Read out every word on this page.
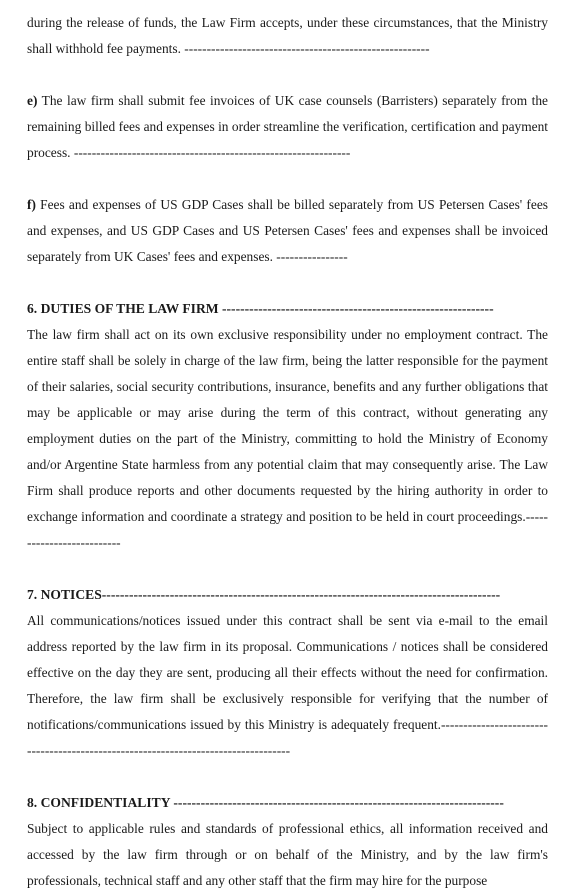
during the release of funds, the Law Firm accepts, under these circumstances, that the Ministry shall withhold fee payments. -------------------------------------------------------

e) The law firm shall submit fee invoices of UK case counsels (Barristers) separately from the remaining billed fees and expenses in order streamline the verification, certification and payment process. --------------------------------------------------------------

f) Fees and expenses of US GDP Cases shall be billed separately from US Petersen Cases' fees and expenses, and US GDP Cases and US Petersen Cases' fees and expenses shall be invoiced separately from UK Cases' fees and expenses. ----------------

6. DUTIES OF THE LAW FIRM ------------------------------------------------------------

The law firm shall act on its own exclusive responsibility under no employment contract. The entire staff shall be solely in charge of the law firm, being the latter responsible for the payment of their salaries, social security contributions, insurance, benefits and any further obligations that may be applicable or may arise during the term of this contract, without generating any employment duties on the part of the Ministry, committing to hold the Ministry of Economy and/or Argentine State harmless from any potential claim that may consequently arise. The Law Firm shall produce reports and other documents requested by the hiring authority in order to exchange information and coordinate a strategy and position to be held in court proceedings.--------------------------

7. NOTICES----------------------------------------------------------------------------------------

All communications/notices issued under this contract shall be sent via e-mail to the email address reported by the law firm in its proposal. Communications / notices shall be considered effective on the day they are sent, producing all their effects without the need for confirmation. Therefore, the law firm shall be exclusively responsible for verifying that the number of notifications/communications issued by this Ministry is adequately frequent.-----------------------------------------------------------------------------------

8. CONFIDENTIALITY -------------------------------------------------------------------------

Subject to applicable rules and standards of professional ethics, all information received and accessed by the law firm through or on behalf of the Ministry, and by the law firm's professionals, technical staff and any other staff that the firm may hire for the purpose
